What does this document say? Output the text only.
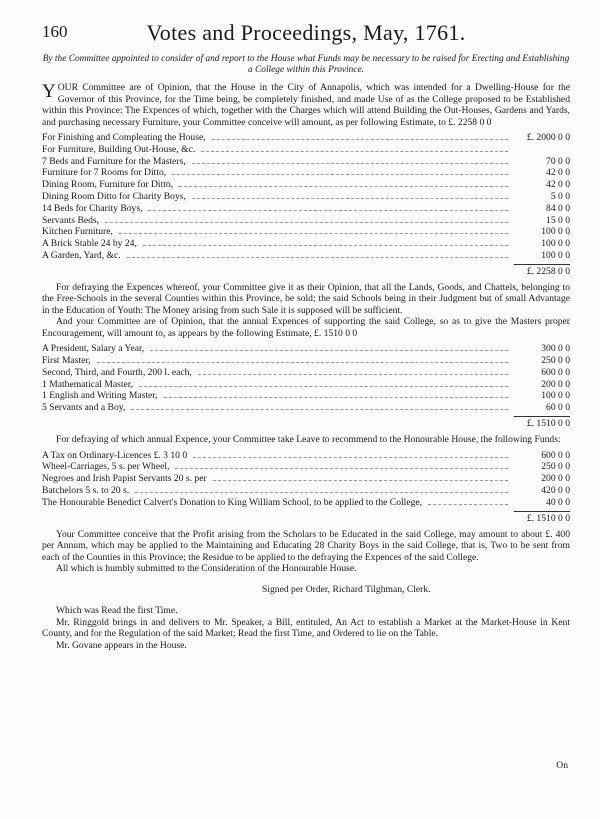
160	Votes and Proceedings, May, 1761.

By the Committee appointed to consider of and report to the House what Funds may be necessary to be raised for Erecting and Establishing a College within this Province.

YOUR Committee are of Opinion, that the House in the City of Annapolis, which was intended for a Dwelling-House for the Governor of this Province, for the Time being, be completely finished, and made Use of as the College proposed to be Established within this Province: The Expences of which, together with the Charges which will attend Building the Out-Houses, Gardens and Yards, and purchasing necessary Furniture, your Committee conceive will amount, as per following Estimate, to £. 2258 0 0

For Finishing and Compleating the House,	£. 2000 0 0
For Furniture, Building Out-House, &c.
7 Beds and Furniture for the Masters,	70 0 0
Furniture for 7 Rooms for Ditto,	42 0 0
Dining Room, Furniture for Ditto,	42 0 0
Dining Room Ditto for Charity Boys,	5 0 0
14 Beds for Charity Boys,	84 0 0
Servants Beds,	15 0 0
Kitchen Furniture,	100 0 0
A Brick Stable 24 by 24,	100 0 0
A Garden, Yard, &c.	100 0 0
£. 2258 0 0

For defraying the Expences whereof, your Committee give it as their Opinion, that all the Lands, Goods, and Chattels, belonging to the Free-Schools in the several Counties within this Province, be sold; the said Schools being in their Judgment but of small Advantage in the Education of Youth: The Money arising from such Sale it is supposed will be sufficient.

And your Committee are of Opinion, that the annual Expences of supporting the said College, so as to give the Masters proper Encouragement, will amount to, as appears by the following Estimate, £. 1510 0 0

A President, Salary a Year,	300 0 0
First Master,	250 0 0
Second, Third, and Fourth, 200 l. each,	600 0 0
1 Mathematical Master,	200 0 0
1 English and Writing Master,	100 0 0
5 Servants and a Boy,	60 0 0
£. 1510 0 0

For defraying of which annual Expence, your Committee take Leave to recommend to the Honourable House, the following Funds:

A Tax on Ordinary-Licences £. 3 10 0	600 0 0
Wheel-Carriages, 5 s. per Wheel,	250 0 0
Negroes and Irish Papist Servants 20 s. per	200 0 0
Batchelors 5 s. to 20 s.	420 0 0
The Honourable Benedict Calvert's Donation to King William School, to be applied to the College,	40 0 0
£. 1510 0 0

Your Committee conceive that the Profit arising from the Scholars to be Educated in the said College, may amount to about £. 400 per Annum, which may be applied to the Maintaining and Educating 28 Charity Boys in the said College, that is, Two to be sent from each of the Counties in this Province; the Residue to be applied to the defraying the Expences of the said College.

All which is humbly submitted to the Consideration of the Honourable House.

Signed per Order, Richard Tilghman, Clerk.

Which was Read the first Time.

Mr. Ringgold brings in and delivers to Mr. Speaker, a Bill, entituled, An Act to establish a Market at the Market-House in Kent County, and for the Regulation of the said Market; Read the first Time, and Ordered to lie on the Table.

Mr. Govane appears in the House.

On
